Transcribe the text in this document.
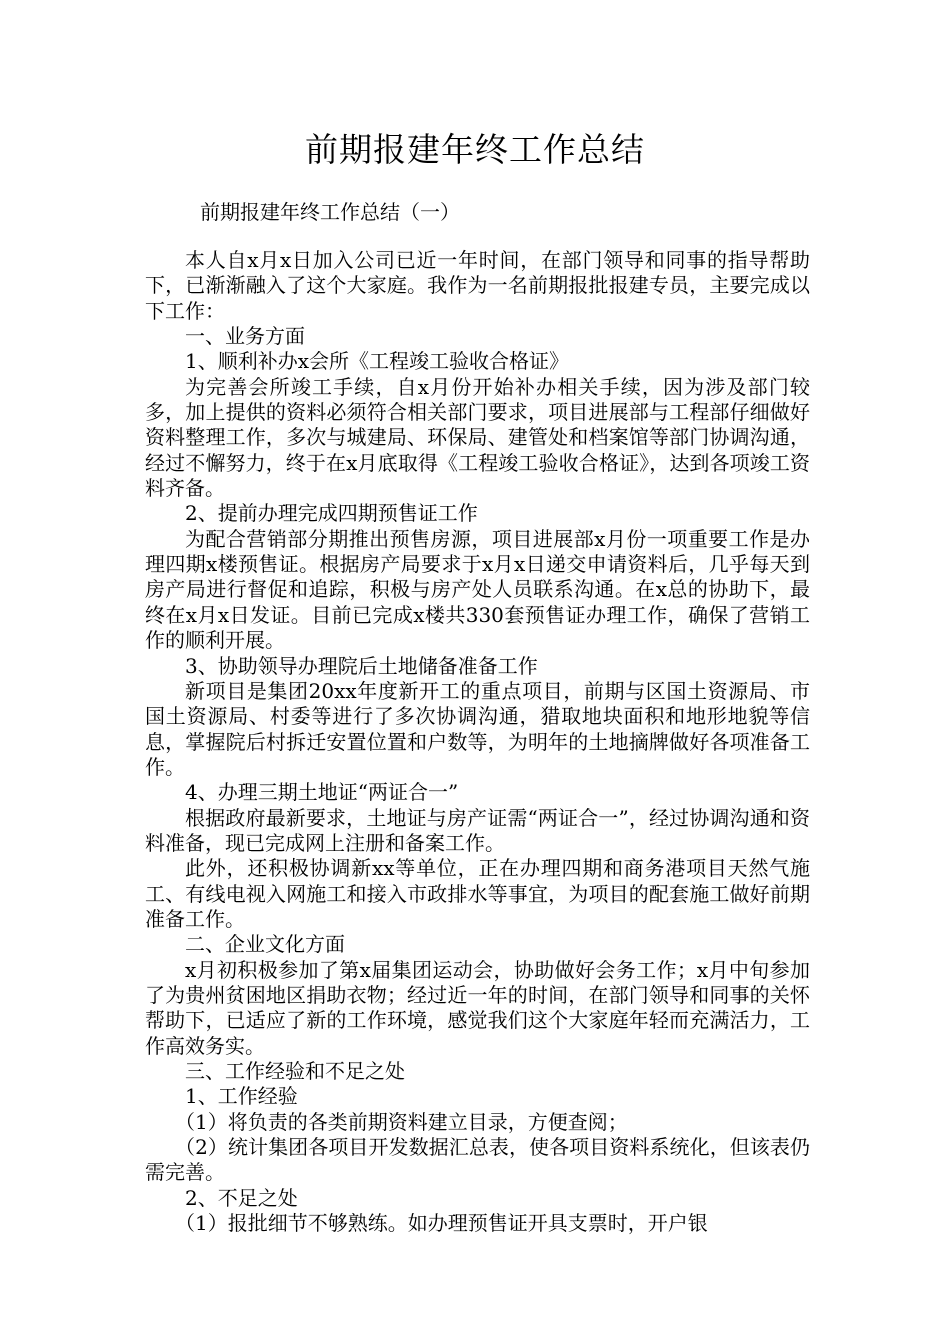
前期报建年终工作总结

前期报建年终工作总结（一）

本人自x月x日加入公司已近一年时间，在部门领导和同事的指导帮助下，已渐渐融入了这个大家庭。我作为一名前期报批报建专员，主要完成以下工作：

一、业务方面

1、顺利补办x会所《工程竣工验收合格证》

为完善会所竣工手续，自x月份开始补办相关手续，因为涉及部门较多，加上提供的资料必须符合相关部门要求，项目进展部与工程部仔细做好资料整理工作，多次与城建局、环保局、建管处和档案馆等部门协调沟通，经过不懈努力，终于在x月底取得《工程竣工验收合格证》，达到各项竣工资料齐备。

2、提前办理完成四期预售证工作

为配合营销部分期推出预售房源，项目进展部x月份一项重要工作是办理四期x楼预售证。根据房产局要求于x月x日递交申请资料后，几乎每天到房产局进行督促和追踪，积极与房产处人员联系沟通。在x总的协助下，最终在x月x日发证。目前已完成x楼共330套预售证办理工作，确保了营销工作的顺利开展。

3、协助领导办理院后土地储备准备工作

新项目是集团20xx年度新开工的重点项目，前期与区国土资源局、市国土资源局、村委等进行了多次协调沟通，猎取地块面积和地形地貌等信息，掌握院后村拆迁安置位置和户数等，为明年的土地摘牌做好各项准备工作。

4、办理三期土地证“两证合一”

根据政府最新要求，土地证与房产证需“两证合一”，经过协调沟通和资料准备，现已完成网上注册和备案工作。

此外，还积极协调新xx等单位，正在办理四期和商务港项目天然气施工、有线电视入网施工和接入市政排水等事宜，为项目的配套施工做好前期准备工作。

二、企业文化方面

x月初积极参加了第x届集团运动会，协助做好会务工作；x月中旬参加了为贵州贫困地区捐助衣物；经过近一年的时间，在部门领导和同事的关怀帮助下，已适应了新的工作环境，感觉我们这个大家庭年轻而充满活力，工作高效务实。

三、工作经验和不足之处

1、工作经验

（1）将负责的各类前期资料建立目录，方便查阅；

（2）统计集团各项目开发数据汇总表，使各项目资料系统化，但该表仍需完善。

2、不足之处

（1）报批细节不够熟练。如办理预售证开具支票时，开户银
